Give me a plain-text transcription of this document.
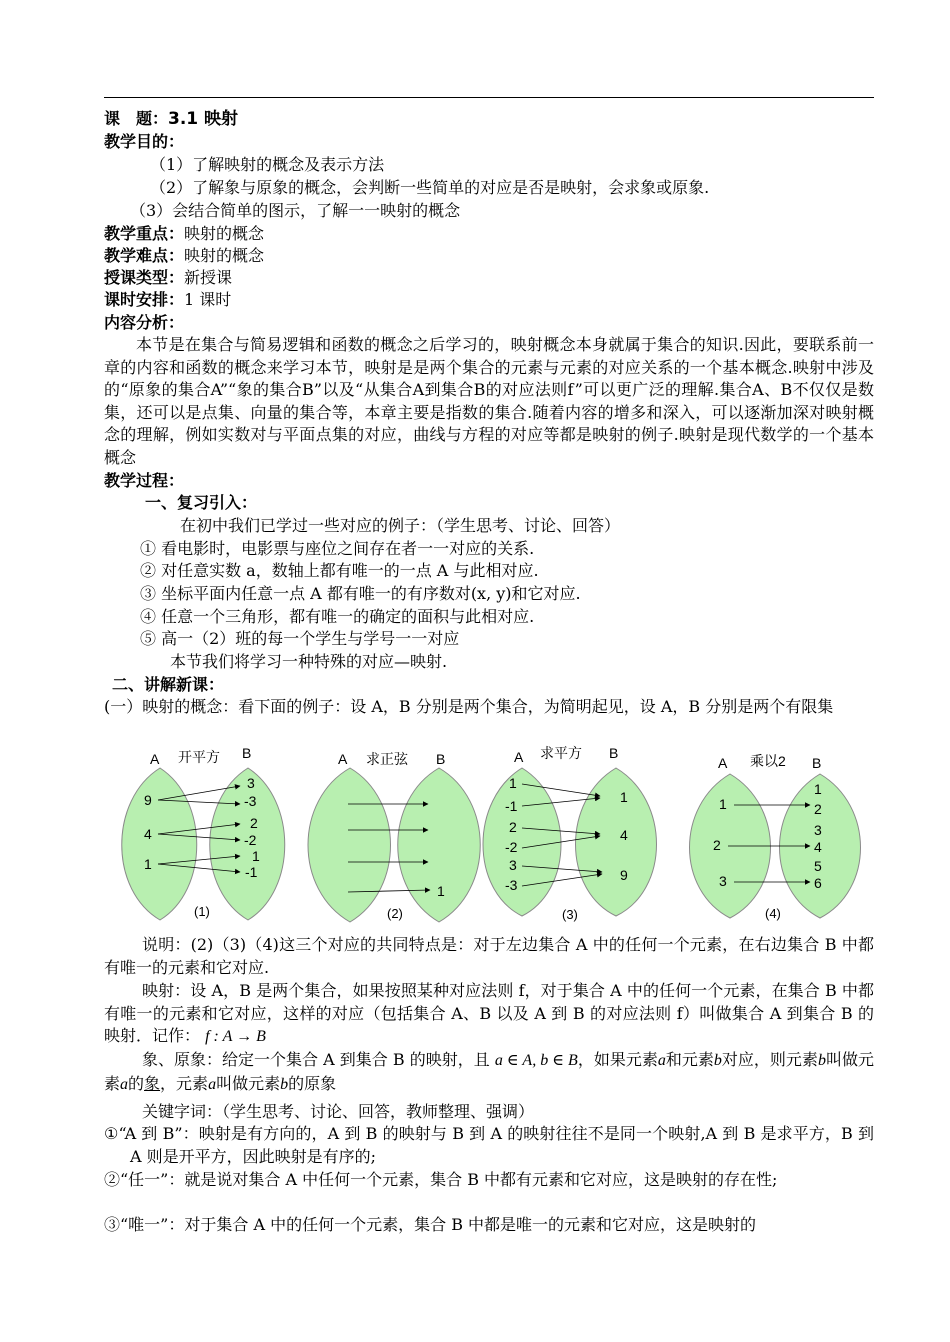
课　题：3.1 映射
教学目的：
（1）了解映射的概念及表示方法
（2）了解象与原象的概念，会判断一些简单的对应是否是映射，会求象或原象.
（3）会结合简单的图示，了解一一映射的概念
教学重点：映射的概念
教学难点：映射的概念
授课类型：新授课
课时安排：1 课时
内容分析：
本节是在集合与简易逻辑和函数的概念之后学习的，映射概念本身就属于集合的知识.因此，要联系前一章的内容和函数的概念来学习本节，映射是是两个集合的元素与元素的对应关系的一个基本概念.映射中涉及的“原象的集合A”“象的集合B”以及“从集合A到集合B的对应法则f”可以更广泛的理解.集合A、B不仅仅是数集，还可以是点集、向量的集合等，本章主要是指数的集合.随着内容的增多和深入，可以逐渐加深对映射概念的理解，例如实数对与平面点集的对应，曲线与方程的对应等都是映射的例子.映射是现代数学的一个基本概念
教学过程：
一、复习引入：
在初中我们已学过一些对应的例子：（学生思考、讨论、回答）
① 看电影时，电影票与座位之间存在者一一对应的关系.
② 对任意实数 a，数轴上都有唯一的一点 A 与此相对应.
③ 坐标平面内任意一点 A 都有唯一的有序数对(x, y)和它对应.
④ 任意一个三角形，都有唯一的确定的面积与此相对应.
⑤ 高一（2）班的每一个学生与学号一一对应
本节我们将学习一种特殊的对应—映射.
二、讲解新课：
(一）映射的概念：看下面的例子：设 A，B 分别是两个集合，为简明起见，设 A，B 分别是两个有限集
A 开平方 B
9
4
1
3
-3
2
-2
1
-1
(1)
A 求正弦 B
1
(2)
A 求平方 B
1
-1
2
-2
3
-3
1
4
9
(3)
A 乘以2 B
1
2
3
1
2
3
4
5
6
(4)
说明：(2)（3)（4)这三个对应的共同特点是：对于左边集合 A 中的任何一个元素，在右边集合 B 中都有唯一的元素和它对应.
映射：设 A，B 是两个集合，如果按照某种对应法则 f，对于集合 A 中的任何一个元素，在集合 B 中都有唯一的元素和它对应，这样的对应（包括集合 A、B 以及 A 到 B 的对应法则 f）叫做集合 A 到集合 B 的映射．记作： f : A → B
象、原象：给定一个集合 A 到集合 B 的映射，且 a ∈ A, b ∈ B，如果元素a和元素b对应，则元素b叫做元素a的象，元素a叫做元素b的原象
关键字词：（学生思考、讨论、回答，教师整理、强调）
①“A 到 B”：映射是有方向的，A 到 B 的映射与 B 到 A 的映射往往不是同一个映射,A 到 B 是求平方，B 到 A 则是开平方，因此映射是有序的;
②“任一”：就是说对集合 A 中任何一个元素，集合 B 中都有元素和它对应，这是映射的存在性;
③“唯一”：对于集合 A 中的任何一个元素，集合 B 中都是唯一的元素和它对应，这是映射的
